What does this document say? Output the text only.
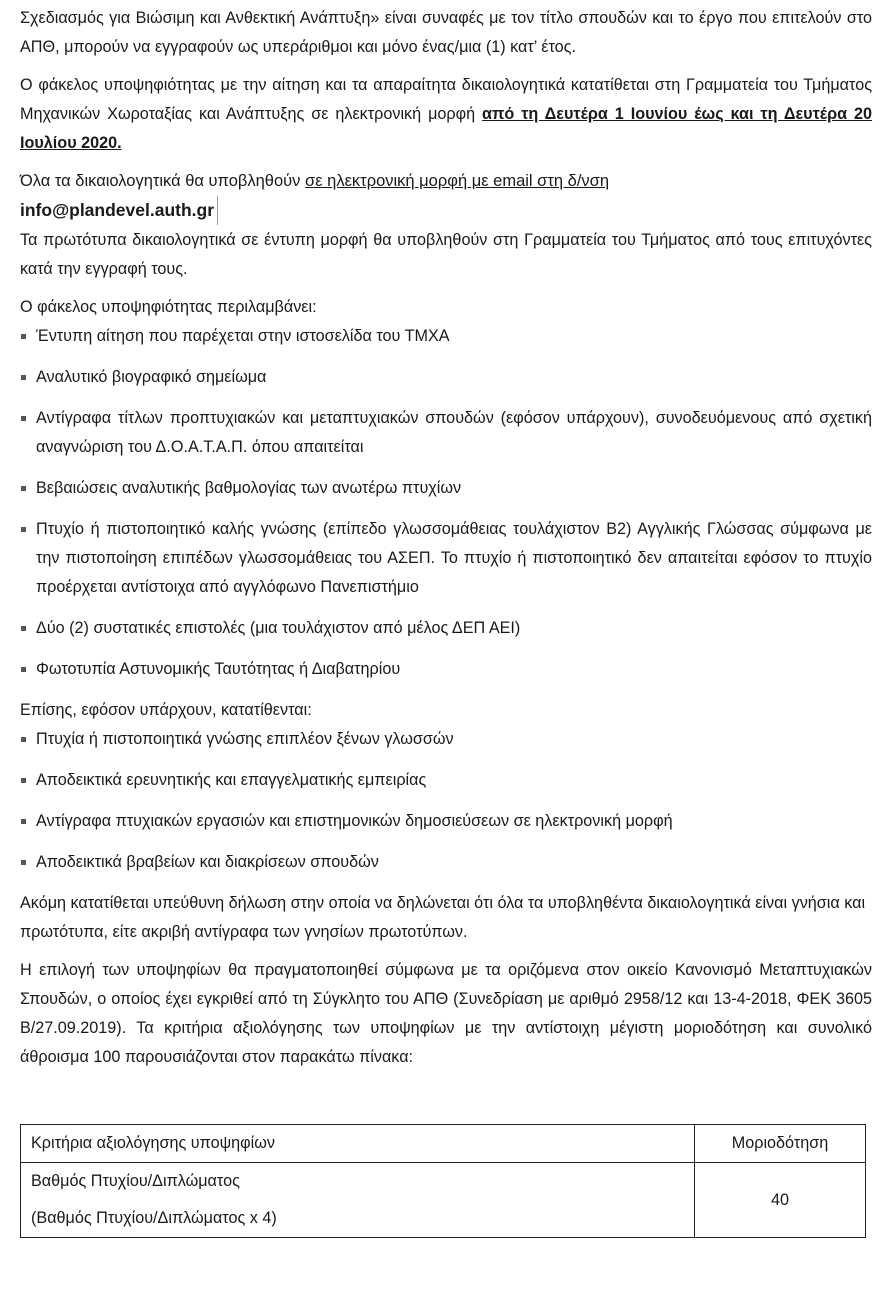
Σχεδιασμός για Βιώσιμη και Ανθεκτική Ανάπτυξη» είναι συναφές με τον τίτλο σπουδών και το έργο που επιτελούν στο ΑΠΘ, μπορούν να εγγραφούν ως υπεράριθμοι και μόνο ένας/μια (1) κατ’ έτος.

Ο φάκελος υποψηφιότητας με την αίτηση και τα απαραίτητα δικαιολογητικά κατατίθεται στη Γραμματεία του Τμήματος Μηχανικών Χωροταξίας και Ανάπτυξης σε ηλεκτρονική μορφή από τη Δευτέρα 1 Ιουνίου έως και τη Δευτέρα 20 Ιουλίου 2020.

Όλα τα δικαιολογητικά θα υποβληθούν σε ηλεκτρονική μορφή με email στη δ/νση

info@plandevel.auth.gr

Τα πρωτότυπα δικαιολογητικά σε έντυπη μορφή θα υποβληθούν στη Γραμματεία του Τμήματος από τους επιτυχόντες κατά την εγγραφή τους.

Ο φάκελος υποψηφιότητας περιλαμβάνει:

Έντυπη αίτηση που παρέχεται στην ιστοσελίδα του ΤΜΧΑ
Αναλυτικό βιογραφικό σημείωμα
Αντίγραφα τίτλων προπτυχιακών και μεταπτυχιακών σπουδών (εφόσον υπάρχουν), συνοδευόμενους από σχετική αναγνώριση του Δ.Ο.Α.Τ.Α.Π. όπου απαιτείται
Βεβαιώσεις αναλυτικής βαθμολογίας των ανωτέρω πτυχίων
Πτυχίο ή πιστοποιητικό καλής γνώσης (επίπεδο γλωσσομάθειας τουλάχιστον Β2) Αγγλικής Γλώσσας σύμφωνα με την πιστοποίηση επιπέδων γλωσσομάθειας του ΑΣΕΠ. Το πτυχίο ή πιστοποιητικό δεν απαιτείται εφόσον το πτυχίο προέρχεται αντίστοιχα από αγγλόφωνο Πανεπιστήμιο
Δύο (2) συστατικές επιστολές (μια τουλάχιστον από μέλος ΔΕΠ ΑΕΙ)
Φωτοτυπία Αστυνομικής Ταυτότητας ή Διαβατηρίου

Επίσης, εφόσον υπάρχουν, κατατίθενται:

Πτυχία ή πιστοποιητικά γνώσης επιπλέον ξένων γλωσσών
Αποδεικτικά ερευνητικής και επαγγελματικής εμπειρίας
Αντίγραφα πτυχιακών εργασιών και επιστημονικών δημοσιεύσεων σε ηλεκτρονική μορφή
Αποδεικτικά βραβείων και διακρίσεων σπουδών

Ακόμη κατατίθεται υπεύθυνη δήλωση στην οποία να δηλώνεται ότι όλα τα υποβληθέντα δικαιολογητικά είναι γνήσια και πρωτότυπα, είτε ακριβή αντίγραφα των γνησίων πρωτοτύπων.

Η επιλογή των υποψηφίων θα πραγματοποιηθεί σύμφωνα με τα οριζόμενα στον οικείο Κανονισμό Μεταπτυχιακών Σπουδών, ο οποίος έχει εγκριθεί από τη Σύγκλητο του ΑΠΘ (Συνεδρίαση με αριθμό 2958/12 και 13-4-2018, ΦΕΚ 3605 Β/27.09.2019). Τα κριτήρια αξιολόγησης των υποψηφίων με την αντίστοιχη μέγιστη μοριοδότηση και συνολικό άθροισμα 100 παρουσιάζονται στον παρακάτω πίνακα:

Κριτήρια αξιολόγησης υποψηφίων	Μοριοδότηση

Βαθμός Πτυχίου/Διπλώματος
(Βαθμός Πτυχίου/Διπλώματος x 4)	40
